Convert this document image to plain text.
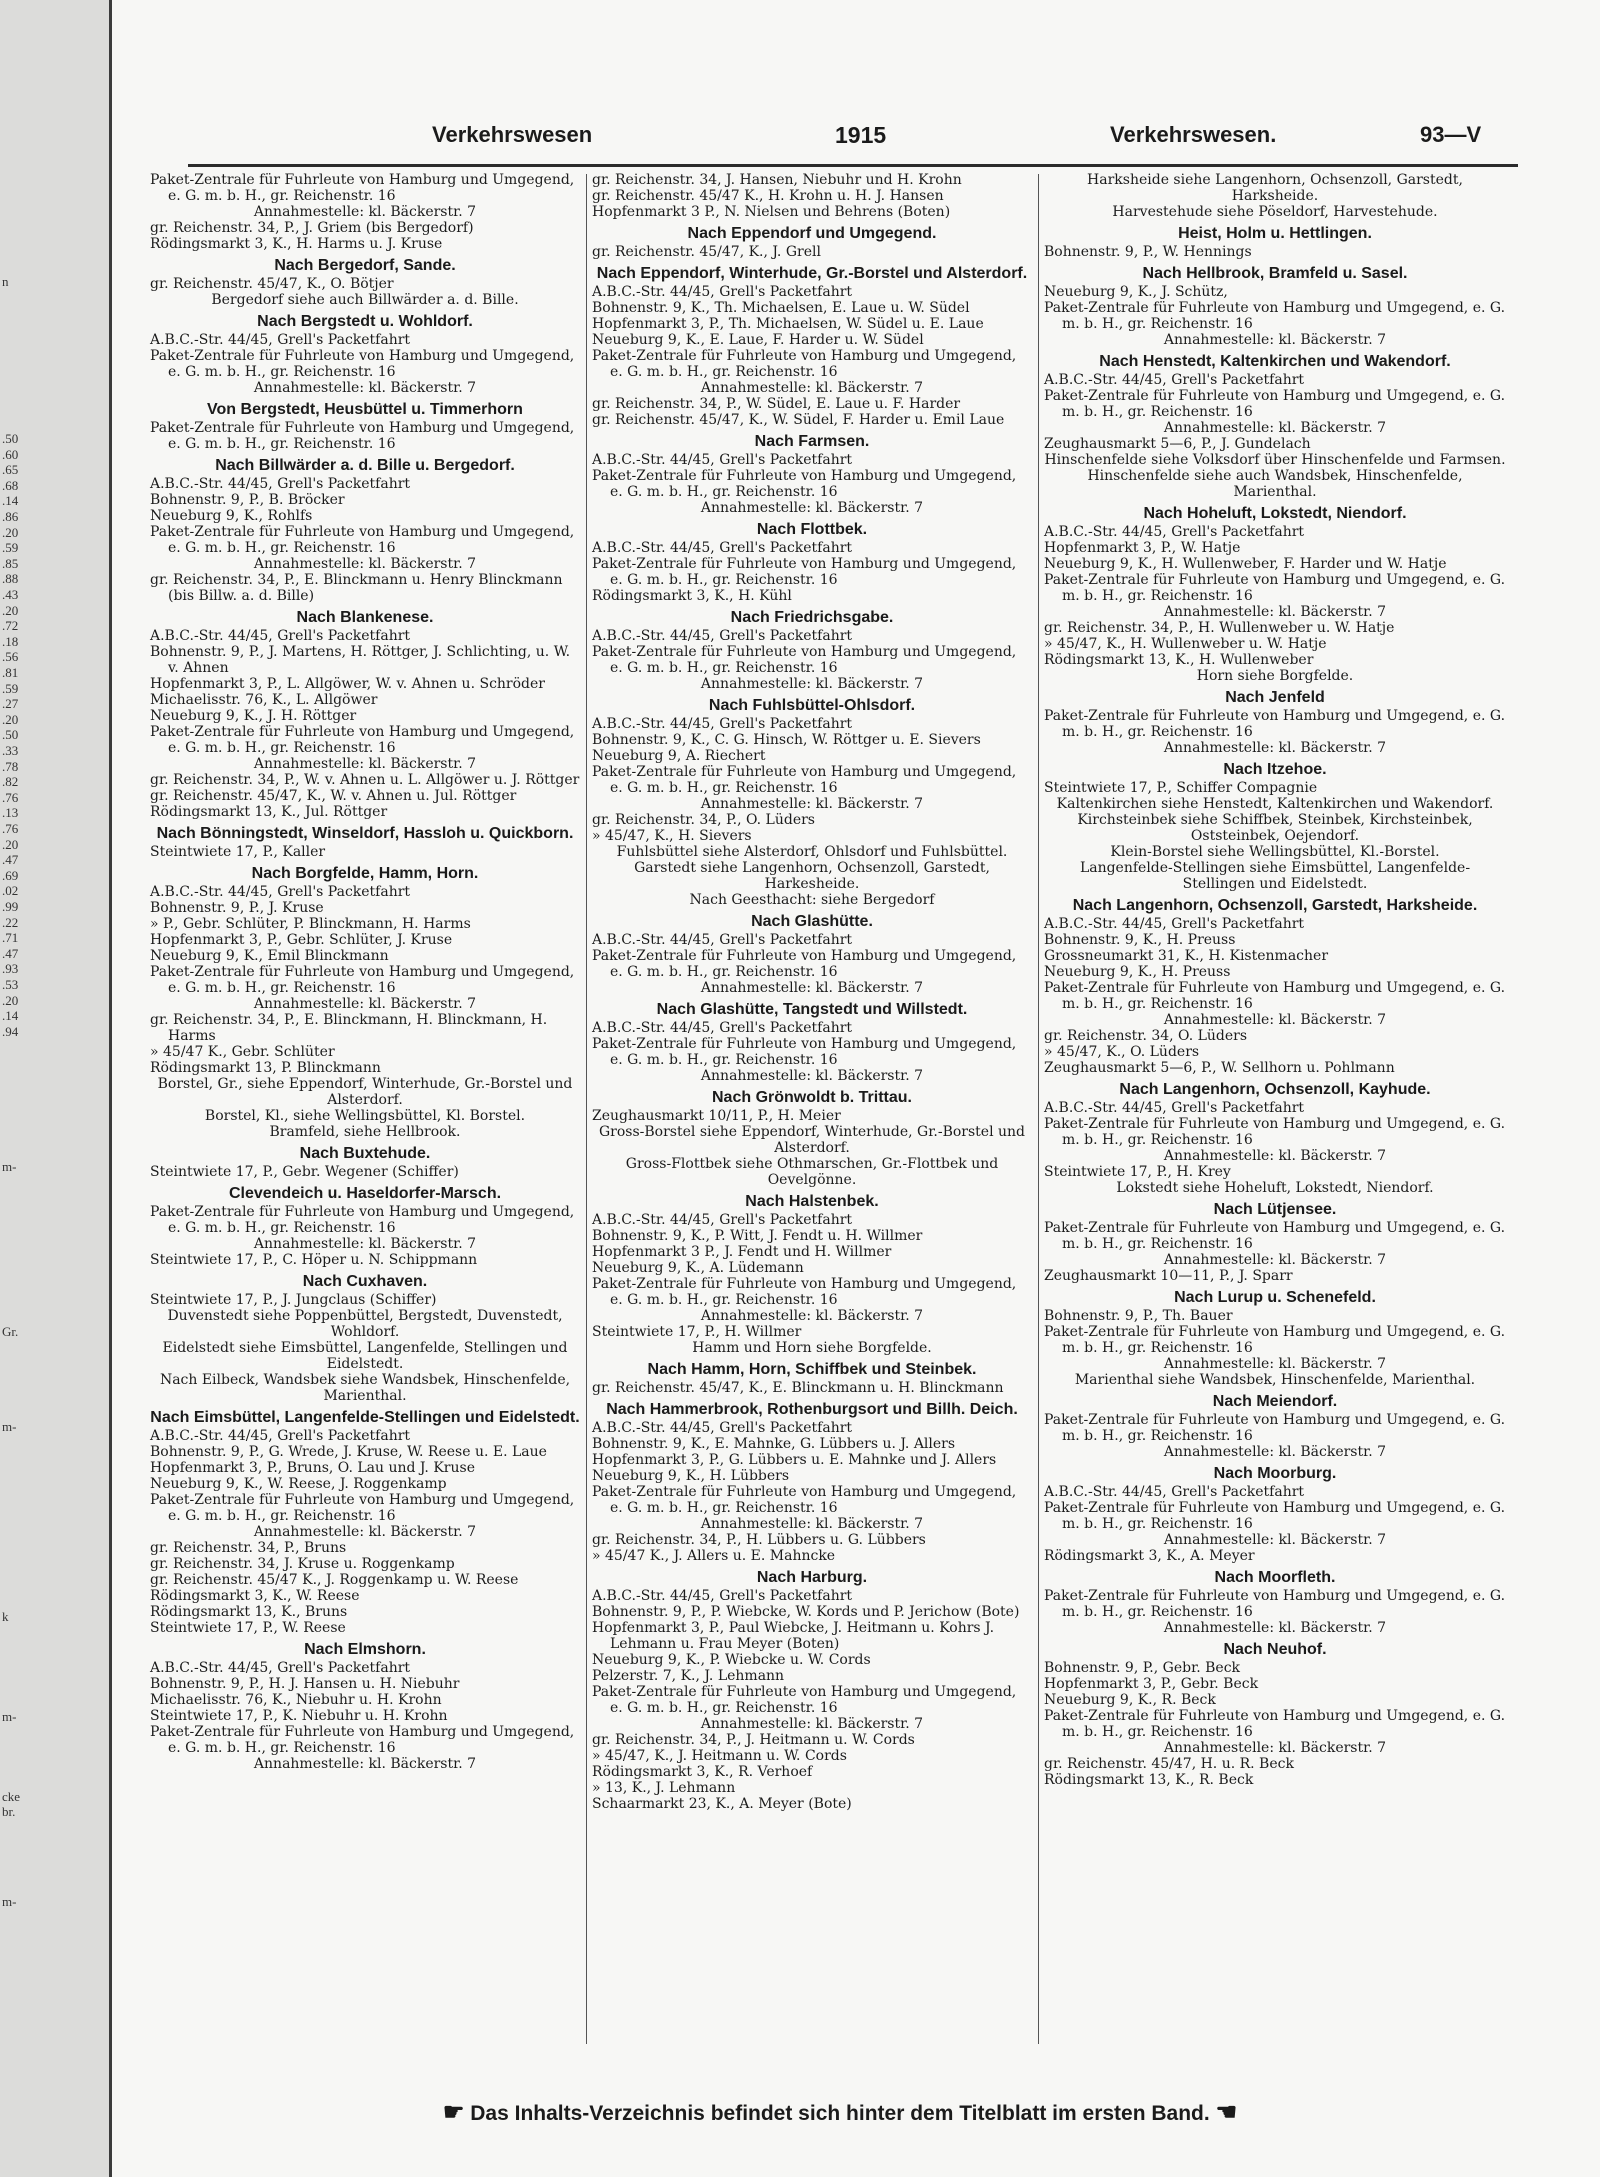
.50
.60
.65
.68
.14
.86
.20
.59
.85
.88
.43
.20
.72
.18
.56
.81
.59
.27
.20
.50
.33
.78
.82
.76
.13
.76
.20
.47
.69
.02
.99
.22
.71
.47
.93
.53
.20
.14
.94
n
m-
Gr.
m-
k
m-
cke
br.
m-
Verkehrswesen	1915	Verkehrswesen.	93—V

Paket-Zentrale für Fuhrleute von Hamburg und Umgegend, e. G. m. b. H., gr. Reichenstr. 16

Annahmestelle: kl. Bäckerstr. 7

gr. Reichenstr. 34, P., J. Griem (bis Bergedorf)

Rödingsmarkt 3, K., H. Harms u. J. Kruse

Nach Bergedorf, Sande.

gr. Reichenstr. 45/47, K., O. Bötjer

Bergedorf siehe auch Billwärder a. d. Bille.

Nach Bergstedt u. Wohldorf.

A.B.C.-Str. 44/45, Grell's Packetfahrt

Paket-Zentrale für Fuhrleute von Hamburg und Umgegend, e. G. m. b. H., gr. Reichenstr. 16

Annahmestelle: kl. Bäckerstr. 7

Von Bergstedt, Heusbüttel u. Timmerhorn

Paket-Zentrale für Fuhrleute von Hamburg und Umgegend, e. G. m. b. H., gr. Reichenstr. 16

Nach Billwärder a. d. Bille u. Bergedorf.

A.B.C.-Str. 44/45, Grell's Packetfahrt

Bohnenstr. 9, P., B. Bröcker

Neueburg 9, K., Rohlfs

Paket-Zentrale für Fuhrleute von Hamburg und Umgegend, e. G. m. b. H., gr. Reichenstr. 16

Annahmestelle: kl. Bäckerstr. 7

gr. Reichenstr. 34, P., E. Blinckmann u. Henry Blinckmann (bis Billw. a. d. Bille)

Nach Blankenese.

A.B.C.-Str. 44/45, Grell's Packetfahrt

Bohnenstr. 9, P., J. Martens, H. Röttger, J. Schlichting, u. W. v. Ahnen

Hopfenmarkt 3, P., L. Allgöwer, W. v. Ahnen u. Schröder

Michaelisstr. 76, K., L. Allgöwer

Neueburg 9, K., J. H. Röttger

Paket-Zentrale für Fuhrleute von Hamburg und Umgegend, e. G. m. b. H., gr. Reichenstr. 16

Annahmestelle: kl. Bäckerstr. 7

gr. Reichenstr. 34, P., W. v. Ahnen u. L. Allgöwer u. J. Röttger

gr. Reichenstr. 45/47, K., W. v. Ahnen u. Jul. Röttger

Rödingsmarkt 13, K., Jul. Röttger

Nach Bönningstedt, Winseldorf, Hassloh u. Quickborn.

Steintwiete 17, P., Kaller

Nach Borgfelde, Hamm, Horn.

A.B.C.-Str. 44/45, Grell's Packetfahrt

Bohnenstr. 9, P., J. Kruse

» P., Gebr. Schlüter, P. Blinckmann, H. Harms

Hopfenmarkt 3, P., Gebr. Schlüter, J. Kruse

Neueburg 9, K., Emil Blinckmann

Paket-Zentrale für Fuhrleute von Hamburg und Umgegend, e. G. m. b. H., gr. Reichenstr. 16

Annahmestelle: kl. Bäckerstr. 7

gr. Reichenstr. 34, P., E. Blinckmann, H. Blinckmann, H. Harms

» 45/47 K., Gebr. Schlüter

Rödingsmarkt 13, P. Blinckmann

Borstel, Gr., siehe Eppendorf, Winterhude, Gr.-Borstel und Alsterdorf.

Borstel, Kl., siehe Wellingsbüttel, Kl. Borstel.

Bramfeld, siehe Hellbrook.

Nach Buxtehude.

Steintwiete 17, P., Gebr. Wegener (Schiffer)

Clevendeich u. Haseldorfer-Marsch.

Paket-Zentrale für Fuhrleute von Hamburg und Umgegend, e. G. m. b. H., gr. Reichenstr. 16

Annahmestelle: kl. Bäckerstr. 7

Steintwiete 17, P., C. Höper u. N. Schippmann

Nach Cuxhaven.

Steintwiete 17, P., J. Jungclaus (Schiffer)

Duvenstedt siehe Poppenbüttel, Bergstedt, Duvenstedt, Wohldorf.

Eidelstedt siehe Eimsbüttel, Langenfelde, Stellingen und Eidelstedt.

Nach Eilbeck, Wandsbek siehe Wandsbek, Hinschenfelde, Marienthal.

Nach Eimsbüttel, Langenfelde-Stellingen und Eidelstedt.

A.B.C.-Str. 44/45, Grell's Packetfahrt

Bohnenstr. 9, P., G. Wrede, J. Kruse, W. Reese u. E. Laue

Hopfenmarkt 3, P., Bruns, O. Lau und J. Kruse

Neueburg 9, K., W. Reese, J. Roggenkamp

Paket-Zentrale für Fuhrleute von Hamburg und Umgegend, e. G. m. b. H., gr. Reichenstr. 16

Annahmestelle: kl. Bäckerstr. 7

gr. Reichenstr. 34, P., Bruns

gr. Reichenstr. 34, J. Kruse u. Roggenkamp

gr. Reichenstr. 45/47 K., J. Roggenkamp u. W. Reese

Rödingsmarkt 3, K., W. Reese

Rödingsmarkt 13, K., Bruns

Steintwiete 17, P., W. Reese

Nach Elmshorn.

A.B.C.-Str. 44/45, Grell's Packetfahrt

Bohnenstr. 9, P., H. J. Hansen u. H. Niebuhr

Michaelisstr. 76, K., Niebuhr u. H. Krohn

Steintwiete 17, P., K. Niebuhr u. H. Krohn

Paket-Zentrale für Fuhrleute von Hamburg und Umgegend, e. G. m. b. H., gr. Reichenstr. 16

Annahmestelle: kl. Bäckerstr. 7

gr. Reichenstr. 34, J. Hansen, Niebuhr und H. Krohn

gr. Reichenstr. 45/47 K., H. Krohn u. H. J. Hansen

Hopfenmarkt 3 P., N. Nielsen und Behrens (Boten)

Nach Eppendorf und Umgegend.

gr. Reichenstr. 45/47, K., J. Grell

Nach Eppendorf, Winterhude, Gr.-Borstel und Alsterdorf.

A.B.C.-Str. 44/45, Grell's Packetfahrt

Bohnenstr. 9, K., Th. Michaelsen, E. Laue u. W. Südel

Hopfenmarkt 3, P., Th. Michaelsen, W. Südel u. E. Laue

Neueburg 9, K., E. Laue, F. Harder u. W. Südel

Paket-Zentrale für Fuhrleute von Hamburg und Umgegend, e. G. m. b. H., gr. Reichenstr. 16

Annahmestelle: kl. Bäckerstr. 7

gr. Reichenstr. 34, P., W. Südel, E. Laue u. F. Harder

gr. Reichenstr. 45/47, K., W. Südel, F. Harder u. Emil Laue

Nach Farmsen.

A.B.C.-Str. 44/45, Grell's Packetfahrt

Paket-Zentrale für Fuhrleute von Hamburg und Umgegend, e. G. m. b. H., gr. Reichenstr. 16

Annahmestelle: kl. Bäckerstr. 7

Nach Flottbek.

A.B.C.-Str. 44/45, Grell's Packetfahrt

Paket-Zentrale für Fuhrleute von Hamburg und Umgegend, e. G. m. b. H., gr. Reichenstr. 16

Rödingsmarkt 3, K., H. Kühl

Nach Friedrichsgabe.

A.B.C.-Str. 44/45, Grell's Packetfahrt

Paket-Zentrale für Fuhrleute von Hamburg und Umgegend, e. G. m. b. H., gr. Reichenstr. 16

Annahmestelle: kl. Bäckerstr. 7

Nach Fuhlsbüttel-Ohlsdorf.

A.B.C.-Str. 44/45, Grell's Packetfahrt

Bohnenstr. 9, K., C. G. Hinsch, W. Röttger u. E. Sievers

Neueburg 9, A. Riechert

Paket-Zentrale für Fuhrleute von Hamburg und Umgegend, e. G. m. b. H., gr. Reichenstr. 16

Annahmestelle: kl. Bäckerstr. 7

gr. Reichenstr. 34, P., O. Lüders

» 45/47, K., H. Sievers

Fuhlsbüttel siehe Alsterdorf, Ohlsdorf und Fuhlsbüttel.

Garstedt siehe Langenhorn, Ochsenzoll, Garstedt, Harkesheide.

Nach Geesthacht: siehe Bergedorf

Nach Glashütte.

A.B.C.-Str. 44/45, Grell's Packetfahrt

Paket-Zentrale für Fuhrleute von Hamburg und Umgegend, e. G. m. b. H., gr. Reichenstr. 16

Annahmestelle: kl. Bäckerstr. 7

Nach Glashütte, Tangstedt und Willstedt.

A.B.C.-Str. 44/45, Grell's Packetfahrt

Paket-Zentrale für Fuhrleute von Hamburg und Umgegend, e. G. m. b. H., gr. Reichenstr. 16

Annahmestelle: kl. Bäckerstr. 7

Nach Grönwoldt b. Trittau.

Zeughausmarkt 10/11, P., H. Meier

Gross-Borstel siehe Eppendorf, Winterhude, Gr.-Borstel und Alsterdorf.

Gross-Flottbek siehe Othmarschen, Gr.-Flottbek und Oevelgönne.

Nach Halstenbek.

A.B.C.-Str. 44/45, Grell's Packetfahrt

Bohnenstr. 9, K., P. Witt, J. Fendt u. H. Willmer

Hopfenmarkt 3 P., J. Fendt und H. Willmer

Neueburg 9, K., A. Lüdemann

Paket-Zentrale für Fuhrleute von Hamburg und Umgegend, e. G. m. b. H., gr. Reichenstr. 16

Annahmestelle: kl. Bäckerstr. 7

Steintwiete 17, P., H. Willmer

Hamm und Horn siehe Borgfelde.

Nach Hamm, Horn, Schiffbek und Steinbek.

gr. Reichenstr. 45/47, K., E. Blinckmann u. H. Blinckmann

Nach Hammerbrook, Rothenburgsort und Billh. Deich.

A.B.C.-Str. 44/45, Grell's Packetfahrt

Bohnenstr. 9, K., E. Mahnke, G. Lübbers u. J. Allers

Hopfenmarkt 3, P., G. Lübbers u. E. Mahnke und J. Allers

Neueburg 9, K., H. Lübbers

Paket-Zentrale für Fuhrleute von Hamburg und Umgegend, e. G. m. b. H., gr. Reichenstr. 16

Annahmestelle: kl. Bäckerstr. 7

gr. Reichenstr. 34, P., H. Lübbers u. G. Lübbers

» 45/47 K., J. Allers u. E. Mahncke

Nach Harburg.

A.B.C.-Str. 44/45, Grell's Packetfahrt

Bohnenstr. 9, P., P. Wiebcke, W. Kords und P. Jerichow (Bote)

Hopfenmarkt 3, P., Paul Wiebcke, J. Heitmann u. Kohrs J. Lehmann u. Frau Meyer (Boten)

Neueburg 9, K., P. Wiebcke u. W. Cords

Pelzerstr. 7, K., J. Lehmann

Paket-Zentrale für Fuhrleute von Hamburg und Umgegend, e. G. m. b. H., gr. Reichenstr. 16

Annahmestelle: kl. Bäckerstr. 7

gr. Reichenstr. 34, P., J. Heitmann u. W. Cords

» 45/47, K., J. Heitmann u. W. Cords

Rödingsmarkt 3, K., R. Verhoef

» 13, K., J. Lehmann

Schaarmarkt 23, K., A. Meyer (Bote)

Harksheide siehe Langenhorn, Ochsenzoll, Garstedt, Harksheide.

Harvestehude siehe Pöseldorf, Harvestehude.

Heist, Holm u. Hettlingen.

Bohnenstr. 9, P., W. Hennings

Nach Hellbrook, Bramfeld u. Sasel.

Neueburg 9, K., J. Schütz,

Paket-Zentrale für Fuhrleute von Hamburg und Umgegend, e. G. m. b. H., gr. Reichenstr. 16

Annahmestelle: kl. Bäckerstr. 7

Nach Henstedt, Kaltenkirchen und Wakendorf.

A.B.C.-Str. 44/45, Grell's Packetfahrt

Paket-Zentrale für Fuhrleute von Hamburg und Umgegend, e. G. m. b. H., gr. Reichenstr. 16

Annahmestelle: kl. Bäckerstr. 7

Zeughausmarkt 5—6, P., J. Gundelach

Hinschenfelde siehe Volksdorf über Hinschenfelde und Farmsen.

Hinschenfelde siehe auch Wandsbek, Hinschenfelde, Marienthal.

Nach Hoheluft, Lokstedt, Niendorf.

A.B.C.-Str. 44/45, Grell's Packetfahrt

Hopfenmarkt 3, P., W. Hatje

Neueburg 9, K., H. Wullenweber, F. Harder und W. Hatje

Paket-Zentrale für Fuhrleute von Hamburg und Umgegend, e. G. m. b. H., gr. Reichenstr. 16

Annahmestelle: kl. Bäckerstr. 7

gr. Reichenstr. 34, P., H. Wullenweber u. W. Hatje

» 45/47, K., H. Wullenweber u. W. Hatje

Rödingsmarkt 13, K., H. Wullenweber

Horn siehe Borgfelde.

Nach Jenfeld

Paket-Zentrale für Fuhrleute von Hamburg und Umgegend, e. G. m. b. H., gr. Reichenstr. 16

Annahmestelle: kl. Bäckerstr. 7

Nach Itzehoe.

Steintwiete 17, P., Schiffer Compagnie

Kaltenkirchen siehe Henstedt, Kaltenkirchen und Wakendorf.

Kirchsteinbek siehe Schiffbek, Steinbek, Kirchsteinbek, Oststeinbek, Oejendorf.

Klein-Borstel siehe Wellingsbüttel, Kl.-Borstel.

Langenfelde-Stellingen siehe Eimsbüttel, Langenfelde-Stellingen und Eidelstedt.

Nach Langenhorn, Ochsenzoll, Garstedt, Harksheide.

A.B.C.-Str. 44/45, Grell's Packetfahrt

Bohnenstr. 9, K., H. Preuss

Grossneumarkt 31, K., H. Kistenmacher

Neueburg 9, K., H. Preuss

Paket-Zentrale für Fuhrleute von Hamburg und Umgegend, e. G. m. b. H., gr. Reichenstr. 16

Annahmestelle: kl. Bäckerstr. 7

gr. Reichenstr. 34, O. Lüders

» 45/47, K., O. Lüders

Zeughausmarkt 5—6, P., W. Sellhorn u. Pohlmann

Nach Langenhorn, Ochsenzoll, Kayhude.

A.B.C.-Str. 44/45, Grell's Packetfahrt

Paket-Zentrale für Fuhrleute von Hamburg und Umgegend, e. G. m. b. H., gr. Reichenstr. 16

Annahmestelle: kl. Bäckerstr. 7

Steintwiete 17, P., H. Krey

Lokstedt siehe Hoheluft, Lokstedt, Niendorf.

Nach Lütjensee.

Paket-Zentrale für Fuhrleute von Hamburg und Umgegend, e. G. m. b. H., gr. Reichenstr. 16

Annahmestelle: kl. Bäckerstr. 7

Zeughausmarkt 10—11, P., J. Sparr

Nach Lurup u. Schenefeld.

Bohnenstr. 9, P., Th. Bauer

Paket-Zentrale für Fuhrleute von Hamburg und Umgegend, e. G. m. b. H., gr. Reichenstr. 16

Annahmestelle: kl. Bäckerstr. 7

Marienthal siehe Wandsbek, Hinschenfelde, Marienthal.

Nach Meiendorf.

Paket-Zentrale für Fuhrleute von Hamburg und Umgegend, e. G. m. b. H., gr. Reichenstr. 16

Annahmestelle: kl. Bäckerstr. 7

Nach Moorburg.

A.B.C.-Str. 44/45, Grell's Packetfahrt

Paket-Zentrale für Fuhrleute von Hamburg und Umgegend, e. G. m. b. H., gr. Reichenstr. 16

Annahmestelle: kl. Bäckerstr. 7

Rödingsmarkt 3, K., A. Meyer

Nach Moorfleth.

Paket-Zentrale für Fuhrleute von Hamburg und Umgegend, e. G. m. b. H., gr. Reichenstr. 16

Annahmestelle: kl. Bäckerstr. 7

Nach Neuhof.

Bohnenstr. 9, P., Gebr. Beck

Hopfenmarkt 3, P., Gebr. Beck

Neueburg 9, K., R. Beck

Paket-Zentrale für Fuhrleute von Hamburg und Umgegend, e. G. m. b. H., gr. Reichenstr. 16

Annahmestelle: kl. Bäckerstr. 7

gr. Reichenstr. 45/47, H. u. R. Beck

Rödingsmarkt 13, K., R. Beck

☛ Das Inhalts-Verzeichnis befindet sich hinter dem Titelblatt im ersten Band. ☚
